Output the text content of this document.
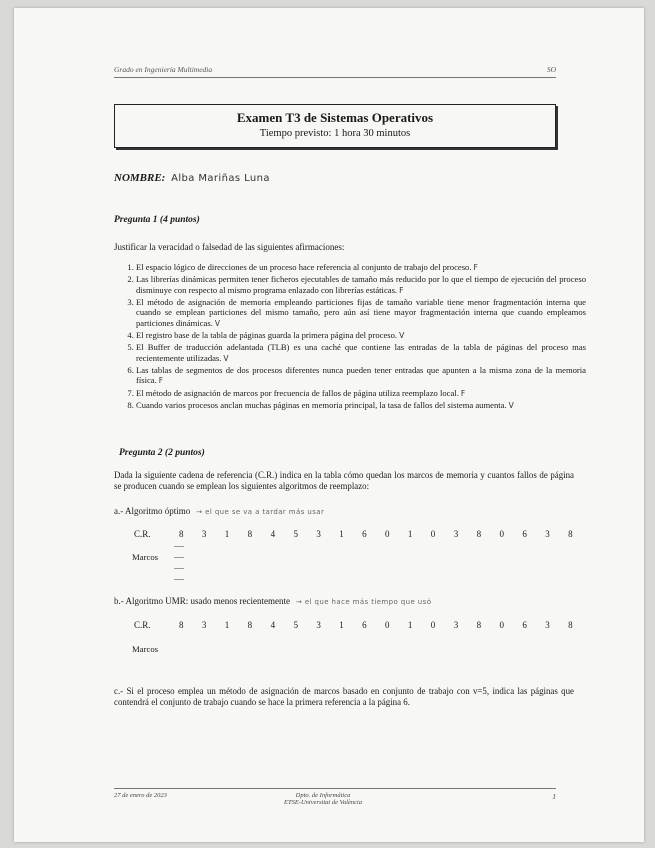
Grado en Ingeniería Multimedia	SO
Examen T3 de Sistemas Operativos
Tiempo previsto: 1 hora 30 minutos
NOMBRE: Alba Mariñas Luna
Pregunta 1 (4 puntos)
Justificar la veracidad o falsedad de las siguientes afirmaciones:
1. El espacio lógico de direcciones de un proceso hace referencia al conjunto de trabajo del proceso. F
2. Las librerías dinámicas permiten tener ficheros ejecutables de tamaño más reducido por lo que el tiempo de ejecución del proceso disminuye con respecto al mismo programa enlazado con librerías estáticas. F
3. El método de asignación de memoria empleando particiones fijas de tamaño variable tiene menor fragmentación interna que cuando se emplean particiones del mismo tamaño, pero aún así tiene mayor fragmentación interna que cuando empleamos particiones dinámicas. V
4. El registro base de la tabla de páginas guarda la primera página del proceso. V
5. El Buffer de traducción adelantada (TLB) es una caché que contiene las entradas de la tabla de páginas del proceso mas recientemente utilizadas. V
6. Las tablas de segmentos de dos procesos diferentes nunca pueden tener entradas que apunten a la misma zona de la memoria física. F
7. El método de asignación de marcos por frecuencia de fallos de página utiliza reemplazo local. F
8. Cuando varios procesos anclan muchas páginas en memoria principal, la tasa de fallos del sistema aumenta. V
Pregunta 2 (2 puntos)
Dada la siguiente cadena de referencia (C.R.) indica en la tabla cómo quedan los marcos de memoria y cuantos fallos de página se producen cuando se emplean los siguientes algoritmos de reemplazo:
a.- Algoritmo óptimo → el que se va a tardar más usar
C.R.	8	3	1	8	4	5	3	1	6	0	1	0	3	8	0	6	3	8
Marcos
b.- Algoritmo UMR: usado menos recientemente → el que hace más tiempo que usó
C.R.	8	3	1	8	4	5	3	1	6	0	1	0	3	8	0	6	3	8
Marcos
c.- Si el proceso emplea un método de asignación de marcos basado en conjunto de trabajo con v=5, indica las páginas que contendrá el conjunto de trabajo cuando se hace la primera referencia a la página 6.
27 de enero de 2023	Dpto. de Informática
ETSE-Universitat de València
1
